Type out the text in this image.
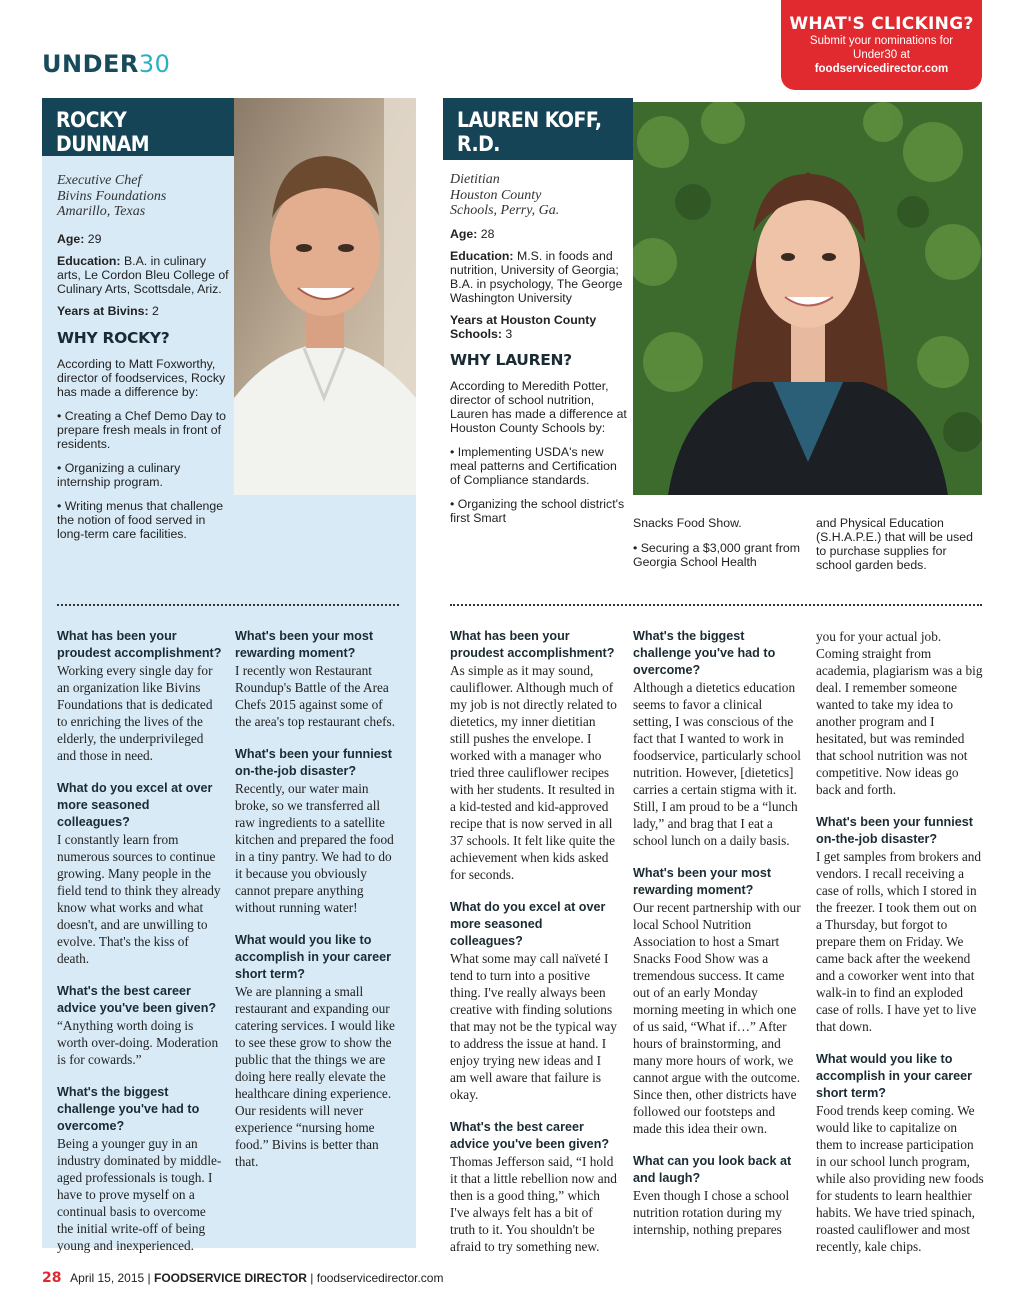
UNDER30
WHAT'S CLICKING?
Submit your nominations for
Under30 at
foodservicedirector.com
ROCKY DUNNAM
Executive Chef
Bivins Foundations
Amarillo, Texas
Age: 29
Education: B.A. in culinary arts, Le Cordon Bleu College of Culinary Arts, Scottsdale, Ariz.
Years at Bivins: 2
WHY ROCKY?
According to Matt Foxworthy, director of foodservices, Rocky has made a difference by:
• Creating a Chef Demo Day to prepare fresh meals in front of residents.
• Organizing a culinary internship program.
• Writing menus that challenge the notion of food served in long-term care facilities.
What has been your proudest accomplishment?
Working every single day for an organization like Bivins Foundations that is dedicated to enriching the lives of the elderly, the underprivileged and those in need.
What do you excel at over more seasoned colleagues?
I constantly learn from numerous sources to continue growing. Many people in the field tend to think they already know what works and what doesn't, and are unwilling to evolve. That's the kiss of death.
What's the best career advice you've been given?
“Anything worth doing is worth over-doing. Moderation is for cowards.”
What's the biggest challenge you've had to overcome?
Being a younger guy in an industry dominated by middle-aged professionals is tough. I have to prove myself on a continual basis to overcome the initial write-off of being young and inexperienced.
What's been your most rewarding moment?
I recently won Restaurant Roundup's Battle of the Area Chefs 2015 against some of the area's top restaurant chefs.
What's been your funniest on-the-job disaster?
Recently, our water main broke, so we transferred all raw ingredients to a satellite kitchen and prepared the food in a tiny pantry. We had to do it because you obviously cannot prepare anything without running water!
What would you like to accomplish in your career short term?
We are planning a small restaurant and expanding our catering services. I would like to see these grow to show the public that the things we are doing here really elevate the healthcare dining experience. Our residents will never experience “nursing home food.” Bivins is better than that.
LAUREN KOFF, R.D.
Dietitian
Houston County
Schools, Perry, Ga.
Age: 28
Education: M.S. in foods and nutrition, University of Georgia; B.A. in psychology, The George Washington University
Years at Houston County Schools: 3
WHY LAUREN?
According to Meredith Potter, director of school nutrition, Lauren has made a difference at Houston County Schools by:
• Implementing USDA's new meal patterns and Certification of Compliance standards.
• Organizing the school district's first Smart	Snacks Food Show.
• Securing a $3,000 grant from Georgia School Health
and Physical Education (S.H.A.P.E.) that will be used to purchase supplies for school garden beds.
What has been your proudest accomplishment?
As simple as it may sound, cauliflower. Although much of my job is not directly related to dietetics, my inner dietitian still pushes the envelope. I worked with a manager who tried three cauliflower recipes with her students. It resulted in a kid-tested and kid-approved recipe that is now served in all 37 schools. It felt like quite the achievement when kids asked for seconds.
What do you excel at over more seasoned colleagues?
What some may call naïveté I tend to turn into a positive thing. I've really always been creative with finding solutions that may not be the typical way to address the issue at hand. I enjoy trying new ideas and I am well aware that failure is okay.
What's the best career advice you've been given?
Thomas Jefferson said, “I hold it that a little rebellion now and then is a good thing,” which I've always felt has a bit of truth to it. You shouldn't be afraid to try something new.
What's the biggest challenge you've had to overcome?
Although a dietetics education seems to favor a clinical setting, I was conscious of the fact that I wanted to work in foodservice, particularly school nutrition. However, [dietetics] carries a certain stigma with it. Still, I am proud to be a “lunch lady,” and brag that I eat a school lunch on a daily basis.
What's been your most rewarding moment?
Our recent partnership with our local School Nutrition Association to host a Smart Snacks Food Show was a tremendous success. It came out of an early Monday morning meeting in which one of us said, “What if…” After hours of brainstorming, and many more hours of work, we cannot argue with the outcome. Since then, other districts have followed our footsteps and made this idea their own.
What can you look back at and laugh?
Even though I chose a school nutrition rotation during my internship, nothing prepares
you for your actual job. Coming straight from academia, plagiarism was a big deal. I remember someone wanted to take my idea to another program and I hesitated, but was reminded that school nutrition was not competitive. Now ideas go back and forth.
What's been your funniest on-the-job disaster?
I get samples from brokers and vendors. I recall receiving a case of rolls, which I stored in the freezer. I took them out on a Thursday, but forgot to prepare them on Friday. We came back after the weekend and a coworker went into that walk-in to find an exploded case of rolls. I have yet to live that down.
What would you like to accomplish in your career short term?
Food trends keep coming. We would like to capitalize on them to increase participation in our school lunch program, while also providing new foods for students to learn healthier habits. We have tried spinach, roasted cauliflower and most recently, kale chips.
28 April 15, 2015 | FOODSERVICE DIRECTOR | foodservicedirector.com
